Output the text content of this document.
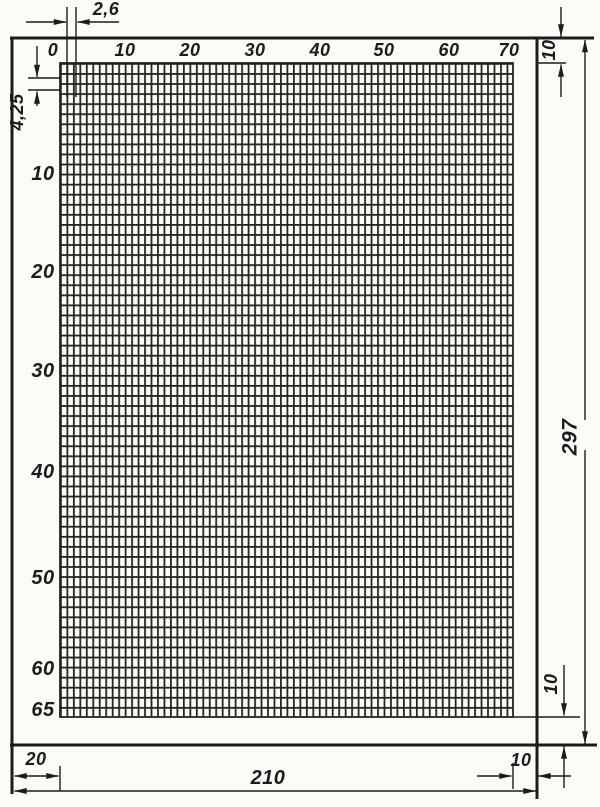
0	10 20 30 40 50 60 70
10
20
30
40
50
60
65
2,6
4,25
10
297
10
20	10
210
